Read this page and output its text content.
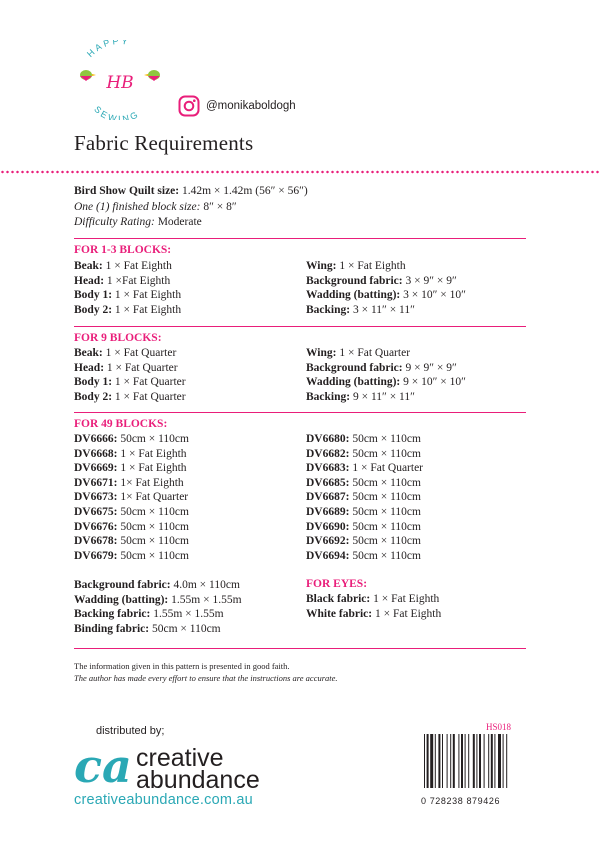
HAPPY
SEWING
HB
@monikaboldogh
Fabric Requirements
Bird Show Quilt size: 1.42m × 1.42m (56″ × 56″)
One (1) finished block size: 8″ × 8″
Difficulty Rating: Moderate
FOR 1-3 BLOCKS:
Beak: 1 × Fat Eighth
Head: 1 ×Fat Eighth
Body 1: 1 × Fat Eighth
Body 2: 1 × Fat Eighth
Wing: 1 × Fat Eighth
Background fabric: 3 × 9″ × 9″
Wadding (batting): 3 × 10″ × 10″
Backing: 3 × 11″ × 11″
FOR 9 BLOCKS:
Beak: 1 × Fat Quarter
Head: 1 × Fat Quarter
Body 1: 1 × Fat Quarter
Body 2: 1 × Fat Quarter
Wing: 1 × Fat Quarter
Background fabric: 9 × 9″ × 9″
Wadding (batting): 9 × 10″ × 10″
Backing: 9 × 11″ × 11″
FOR 49 BLOCKS:
DV6666: 50cm × 110cm
DV6668: 1 × Fat Eighth
DV6669: 1 × Fat Eighth
DV6671: 1× Fat Eighth
DV6673: 1× Fat Quarter
DV6675: 50cm × 110cm
DV6676: 50cm × 110cm
DV6678: 50cm × 110cm
DV6679: 50cm × 110cm
DV6680: 50cm × 110cm
DV6682: 50cm × 110cm
DV6683: 1 × Fat Quarter
DV6685: 50cm × 110cm
DV6687: 50cm × 110cm
DV6689: 50cm × 110cm
DV6690: 50cm × 110cm
DV6692: 50cm × 110cm
DV6694: 50cm × 110cm
Background fabric: 4.0m × 110cm
Wadding (batting): 1.55m × 1.55m
Backing fabric: 1.55m × 1.55m
Binding fabric: 50cm × 110cm
FOR EYES:
Black fabric: 1 × Fat Eighth
White fabric: 1 × Fat Eighth
The information given in this pattern is presented in good faith.
The author has made every effort to ensure that the instructions are accurate.
distributed by;
ca creative
abundance
creativeabundance.com.au
HS018
0 728238 879426
